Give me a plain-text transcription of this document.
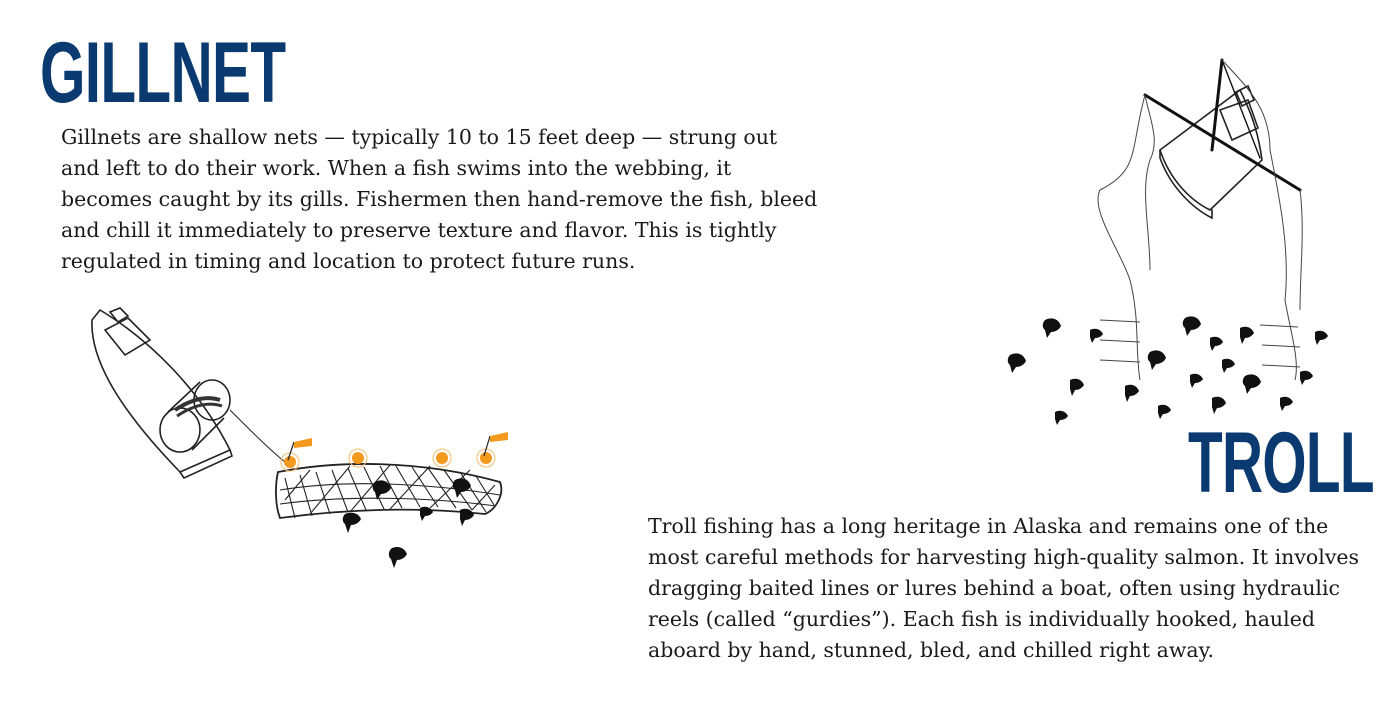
GILLNET

Gillnets are shallow nets — typically 10 to 15 feet deep — strung out and left to do their work. When a fish swims into the webbing, it becomes caught by its gills. Fishermen then hand-remove the fish, bleed and chill it immediately to preserve texture and flavor. This is tightly regulated in timing and location to protect future runs.

TROLL

Troll fishing has a long heritage in Alaska and remains one of the most careful methods for harvesting high-quality salmon. It involves dragging baited lines or lures behind a boat, often using hydraulic reels (called “gurdies”). Each fish is individually hooked, hauled aboard by hand, stunned, bled, and chilled right away.
